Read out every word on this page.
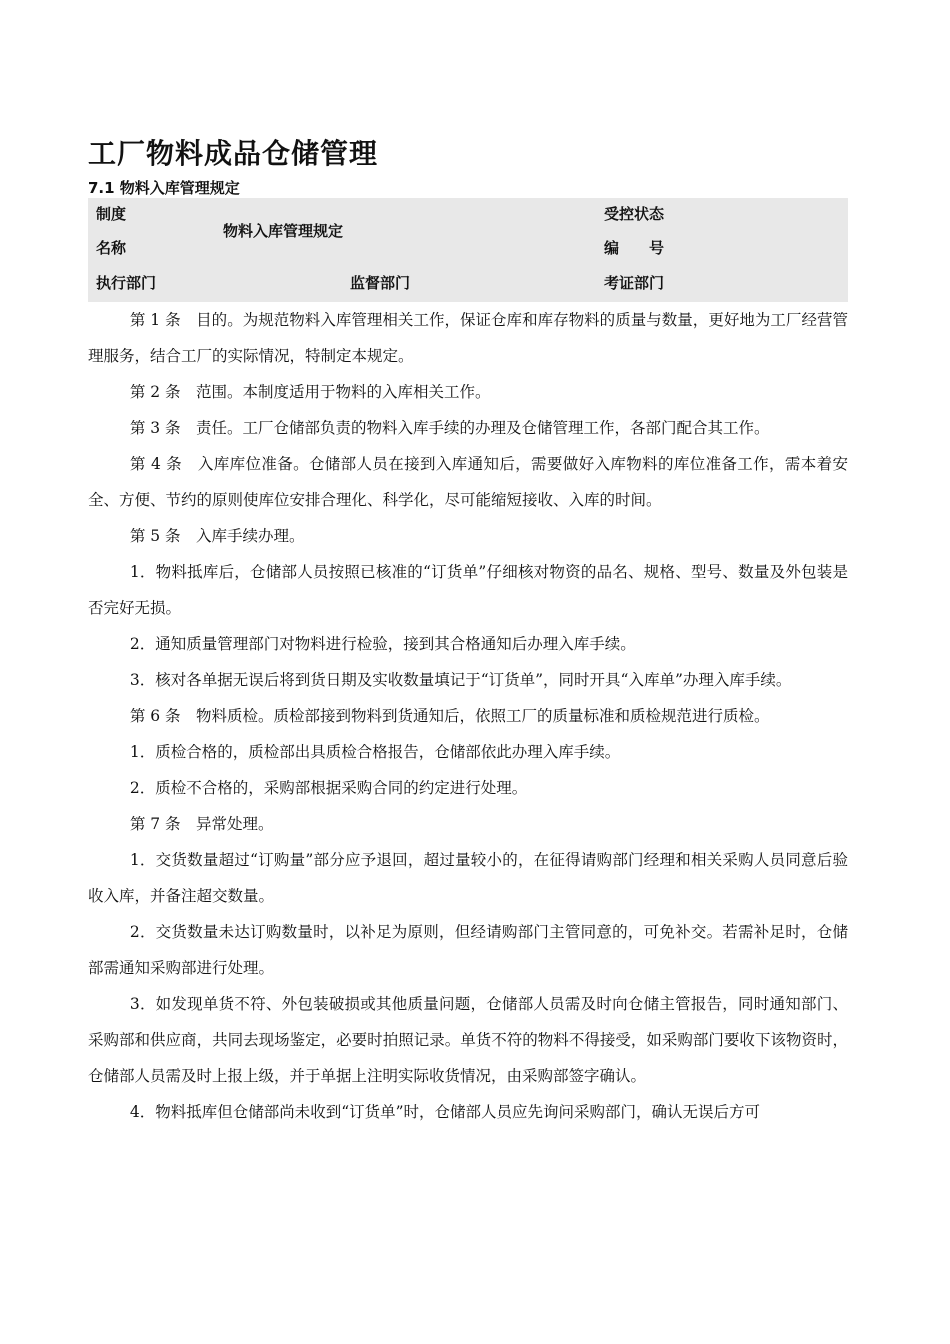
工厂物料成品仓储管理
7.1 物料入库管理规定
制度
名称
物料入库管理规定
受控状态
编　　号
执行部门	监督部门	考证部门

第 1 条　目的。为规范物料入库管理相关工作，保证仓库和库存物料的质量与数量，更好地为工厂经营管理服务，结合工厂的实际情况，特制定本规定。

第 2 条　范围。本制度适用于物料的入库相关工作。

第 3 条　责任。工厂仓储部负责的物料入库手续的办理及仓储管理工作，各部门配合其工作。

第 4 条　入库库位准备。仓储部人员在接到入库通知后，需要做好入库物料的库位准备工作，需本着安全、方便、节约的原则使库位安排合理化、科学化，尽可能缩短接收、入库的时间。

第 5 条　入库手续办理。

1．物料抵库后，仓储部人员按照已核准的“订货单”仔细核对物资的品名、规格、型号、数量及外包装是否完好无损。

2．通知质量管理部门对物料进行检验，接到其合格通知后办理入库手续。

3．核对各单据无误后将到货日期及实收数量填记于“订货单”，同时开具“入库单”办理入库手续。

第 6 条　物料质检。质检部接到物料到货通知后，依照工厂的质量标准和质检规范进行质检。

1．质检合格的，质检部出具质检合格报告，仓储部依此办理入库手续。

2．质检不合格的，采购部根据采购合同的约定进行处理。

第 7 条　异常处理。

1．交货数量超过“订购量”部分应予退回，超过量较小的，在征得请购部门经理和相关采购人员同意后验收入库，并备注超交数量。

2．交货数量未达订购数量时，以补足为原则，但经请购部门主管同意的，可免补交。若需补足时，仓储部需通知采购部进行处理。

3．如发现单货不符、外包装破损或其他质量问题，仓储部人员需及时向仓储主管报告，同时通知部门、采购部和供应商，共同去现场鉴定，必要时拍照记录。单货不符的物料不得接受，如采购部门要收下该物资时，仓储部人员需及时上报上级，并于单据上注明实际收货情况，由采购部签字确认。

4．物料抵库但仓储部尚未收到“订货单”时，仓储部人员应先询问采购部门，确认无误后方可
